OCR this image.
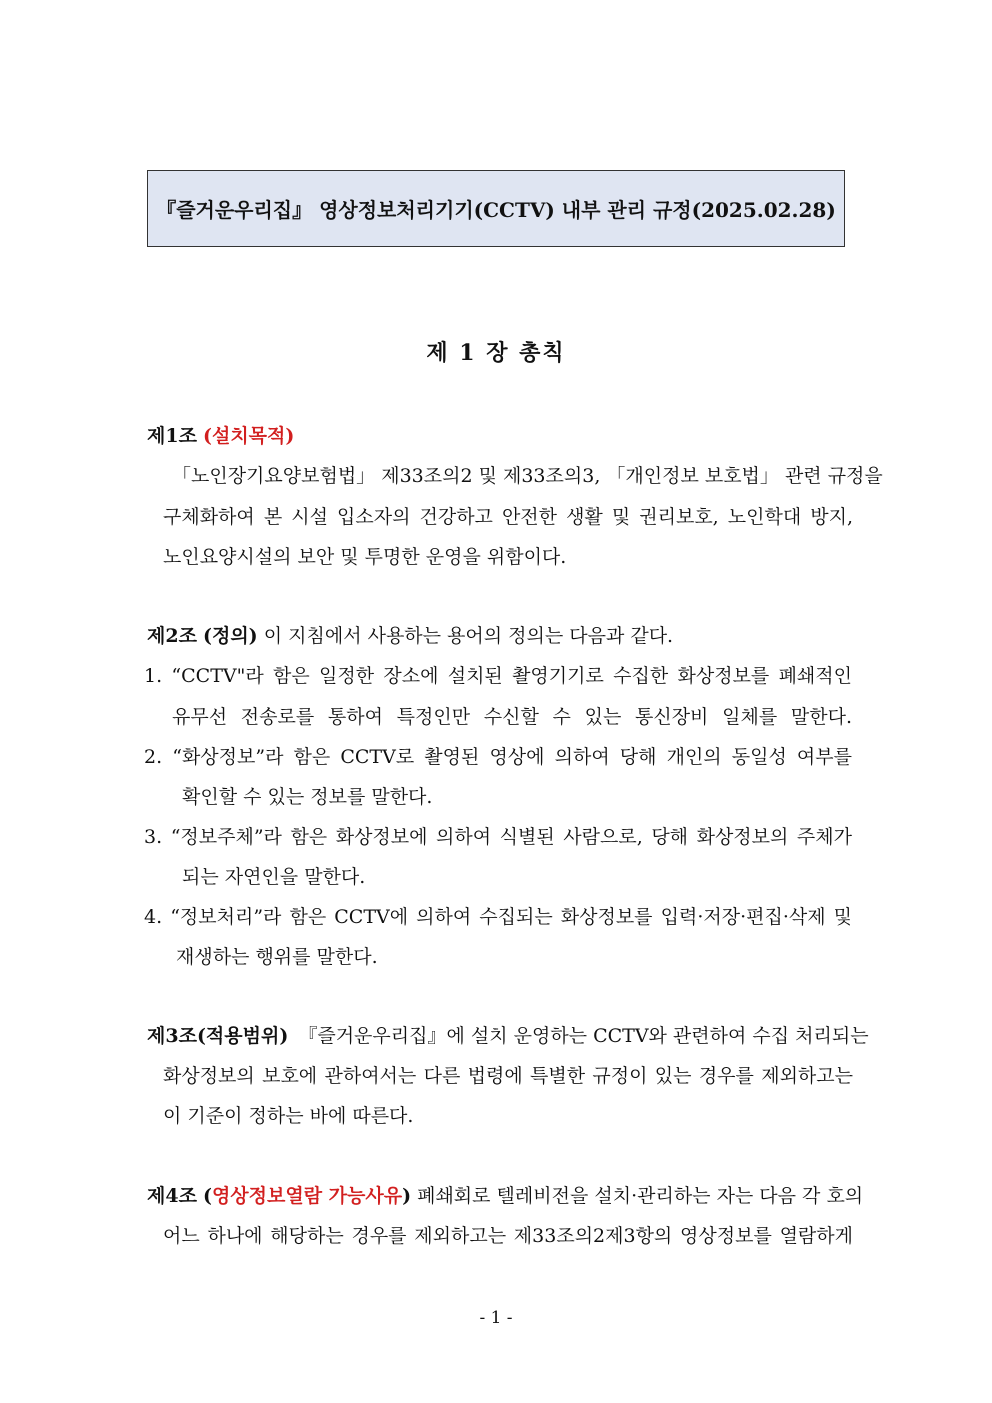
『즐거운우리집』 영상정보처리기기(CCTV) 내부 관리 규정(2025.02.28)
제 1 장 총칙
제1조 (설치목적)
「노인장기요양보험법」 제33조의2 및 제33조의3, 「개인정보 보호법」 관련 규정을
구체화하여 본 시설 입소자의 건강하고 안전한 생활 및 권리보호, 노인학대 방지,
노인요양시설의 보안 및 투명한 운영을 위함이다.
제2조 (정의) 이 지침에서 사용하는 용어의 정의는 다음과 같다.
1. “CCTV"라 함은 일정한 장소에 설치된 촬영기기로 수집한 화상정보를 폐쇄적인
유무선 전송로를 통하여 특정인만 수신할 수 있는 통신장비 일체를 말한다.
2. “화상정보”라 함은 CCTV로 촬영된 영상에 의하여 당해 개인의 동일성 여부를
확인할 수 있는 정보를 말한다.
3. “정보주체”라 함은 화상정보에 의하여 식별된 사람으로, 당해 화상정보의 주체가
되는 자연인을 말한다.
4. “정보처리”라 함은 CCTV에 의하여 수집되는 화상정보를 입력·저장·편집·삭제 및
재생하는 행위를 말한다.
제3조 (적용범위) 『즐거운우리집』에 설치 운영하는 CCTV와 관련하여 수집 처리되는
화상정보의 보호에 관하여서는 다른 법령에 특별한 규정이 있는 경우를 제외하고는
이 기준이 정하는 바에 따른다.
제4조 (영상정보열람 가능사유) 폐쇄회로 텔레비전을 설치·관리하는 자는 다음 각 호의
어느 하나에 해당하는 경우를 제외하고는 제33조의2제3항의 영상정보를 열람하게
- 1 -
